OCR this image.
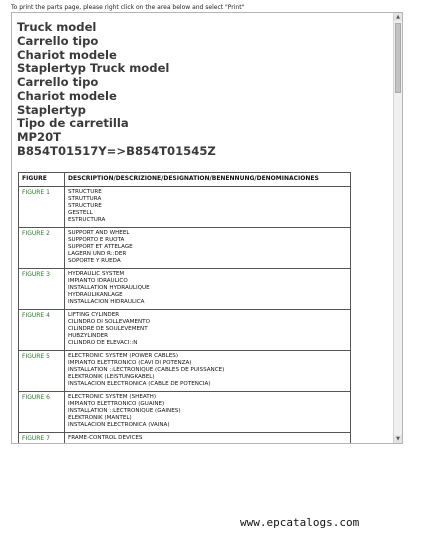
To print the parts page, please right click on the area below and select "Print"
Truck model
Carrello tipo
Chariot modele
Staplertyp Truck model
Carrello tipo
Chariot modele
Staplertyp
Tipo de carretilla
MP20T
B854T01517Y=>B854T01545Z
FIGURE	DESCRIPTION/DESCRIZIONE/DESIGNATION/BENENNUNG/DENOMINACIONES
FIGURE 1	STRUCTURE
STRUTTURA
STRUCTURE
GESTELL
ESTRUCTURA

FIGURE 2	SUPPORT AND WHEEL
SUPPORTO E RUOTA
SUPPORT ET ATTELAGE
LAGERN UND R::DER
SOPORTE Y RUEDA

FIGURE 3	HYDRAULIC SYSTEM
IMPIANTO IDRAULICO
INSTALLATION HYDRAULIQUE
HYDRAULIKANLAGE
INSTALLACION HIDRAULICA

FIGURE 4	LIFTING CYLINDER
CILINDRO DI SOLLEVAMENTO
CILINDRE DE SOULEVEMENT
HUBZYLINDER
CILINDRO DE ELEVACI::N

FIGURE 5	ELECTRONIC SYSTEM (POWER CABLES)
IMPIANTO ELETTRONICO (CAVI DI POTENZA)
INSTALLATION ::LECTRONIQUE (CABLES DE PUISSANCE)
ELEKTRONIK (LEISTUNGKABEL)
INSTALACION ELECTRONICA (CABLE DE POTENCIA)

FIGURE 6	ELECTRONIC SYSTEM (SHEATH)
IMPIANTO ELETTRONICO (GUAINE)
INSTALLATION ::LECTRONIQUE (GAINES)
ELEKTRONIK (MANTEL)
INSTALACION ELECTRONICA (VAINA)

FIGURE 7	FRAME-CONTROL DEVICES
▲
▼
www.epcatalogs.com
